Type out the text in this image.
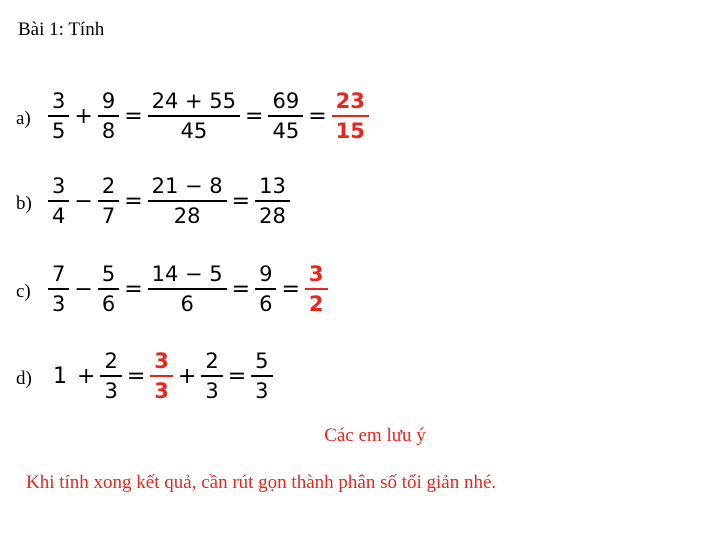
Bài 1: Tính
$a) \frac{3}{5} + \frac{9}{8} = \frac{24 + 55}{45} = \frac{69}{45} = \frac{23}{15}$
$b) \frac{3}{4} - \frac{2}{7} = \frac{21 - 8}{28} = \frac{13}{28}$
$c) \frac{7}{3} - \frac{5}{6} = \frac{14 - 5}{6} = \frac{9}{6} = \frac{3}{2}$
d) $1 + \frac{2}{3} = \frac{3}{3} + \frac{2}{3} = \frac{5}{3}$
Các em lưu ý
Khi tính xong kết quả, cần rút gọn thành phân số tối giản nhé.
